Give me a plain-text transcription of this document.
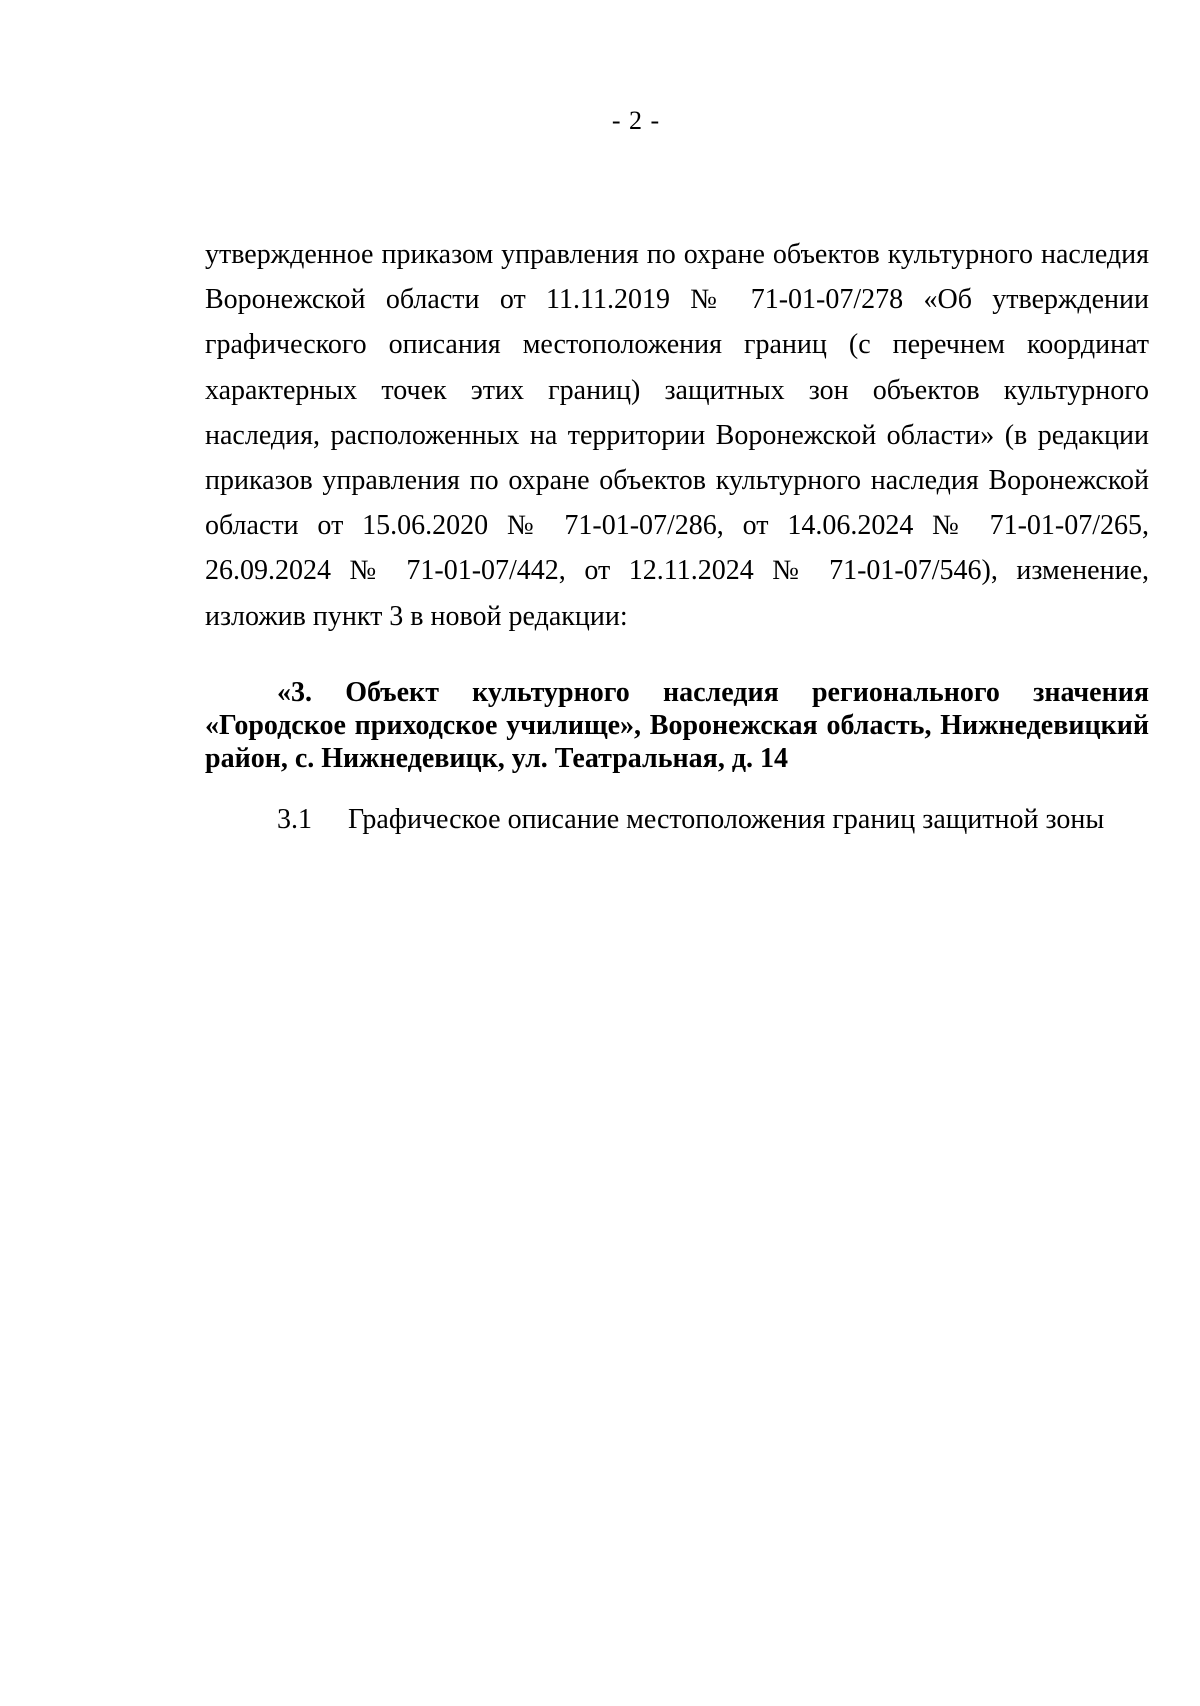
- 2 -

утвержденное приказом управления по охране объектов культурного наследия Воронежской области от 11.11.2019 № 71-01-07/278 «Об утверждении графического описания местоположения границ (с перечнем координат характерных точек этих границ) защитных зон объектов культурного наследия, расположенных на территории Воронежской области» (в редакции приказов управления по охране объектов культурного наследия Воронежской области от 15.06.2020 № 71-01-07/286, от 14.06.2024 № 71-01-07/265, 26.09.2024 № 71-01-07/442, от 12.11.2024 № 71-01-07/546), изменение, изложив пункт 3 в новой редакции:

«3. Объект культурного наследия регионального значения «Городское приходское училище», Воронежская область, Нижнедевицкий район, с. Нижнедевицк, ул. Театральная, д. 14

3.1 Графическое описание местоположения границ защитной зоны
